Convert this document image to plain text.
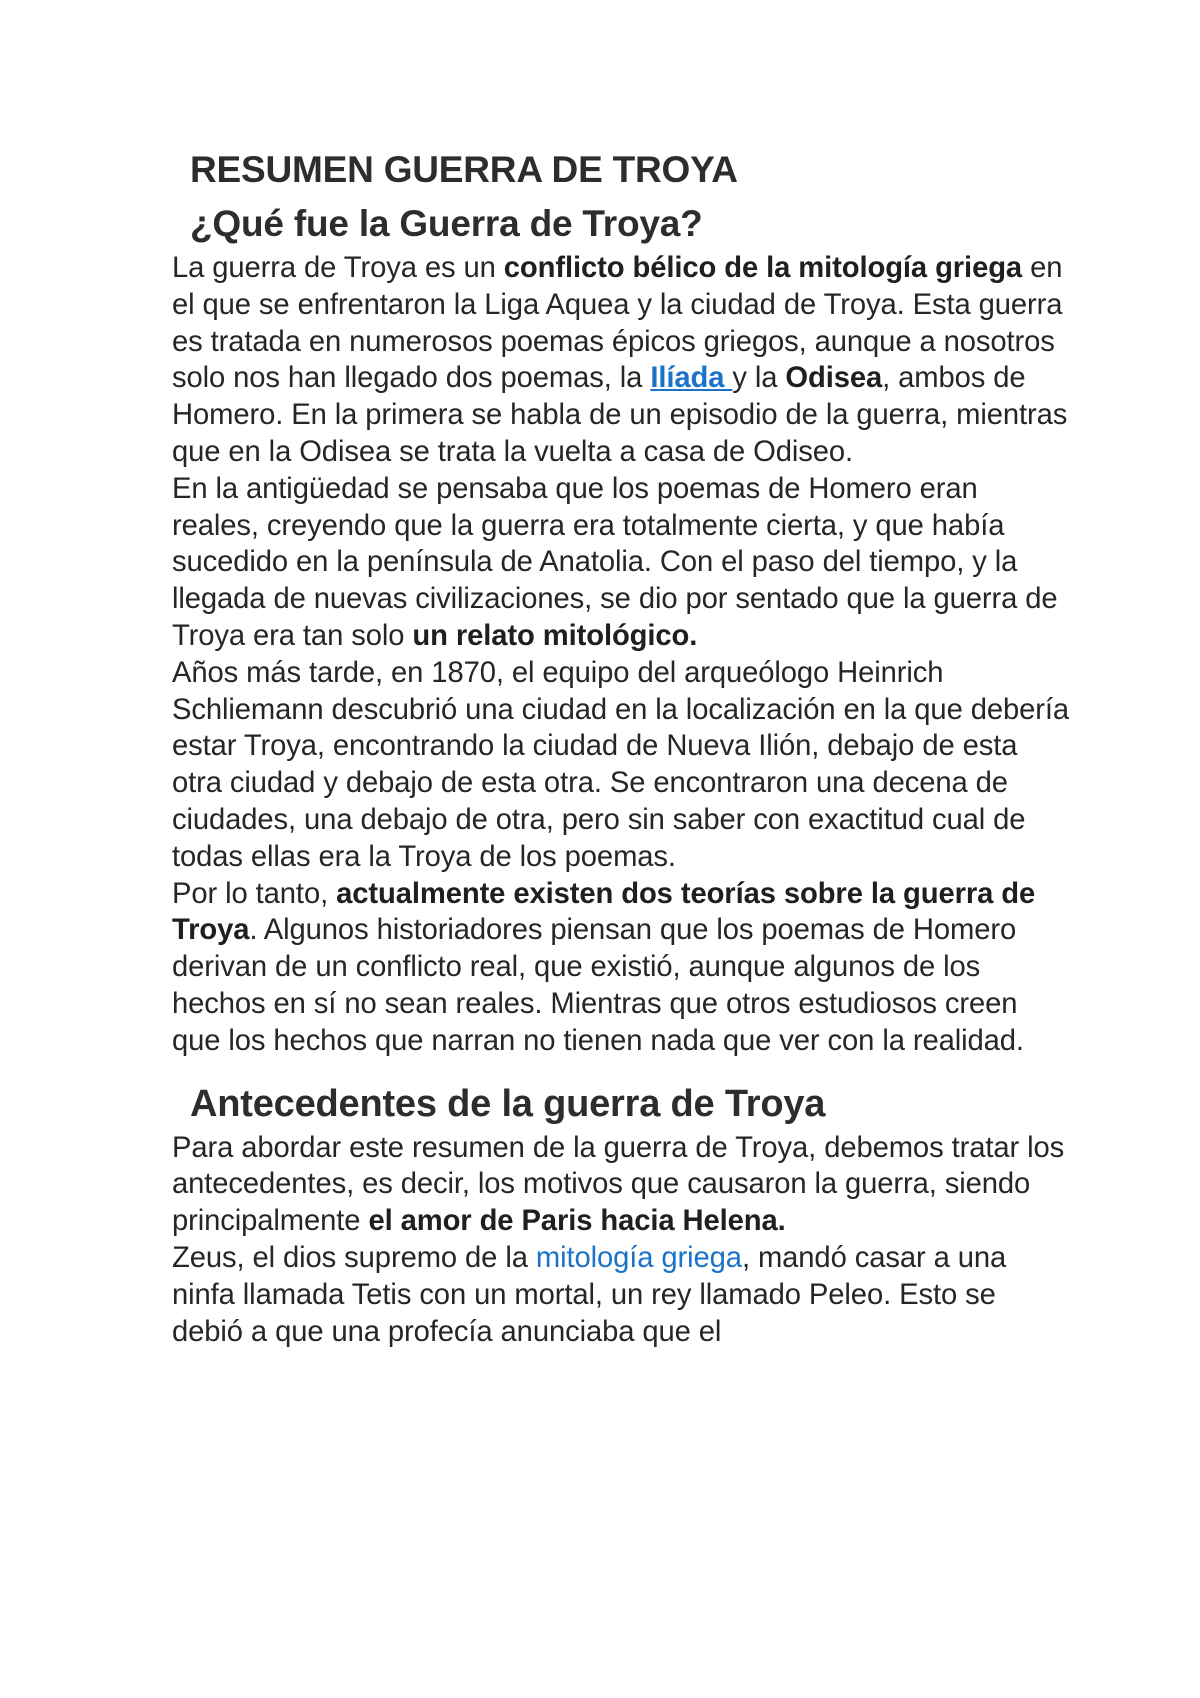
RESUMEN GUERRA DE TROYA
¿Qué fue la Guerra de Troya?

La guerra de Troya es un conflicto bélico de la mitología griega en el que se enfrentaron la Liga Aquea y la ciudad de Troya. Esta guerra es tratada en numerosos poemas épicos griegos, aunque a nosotros solo nos han llegado dos poemas, la Ilíada y la Odisea, ambos de Homero. En la primera se habla de un episodio de la guerra, mientras que en la Odisea se trata la vuelta a casa de Odiseo.

En la antigüedad se pensaba que los poemas de Homero eran reales, creyendo que la guerra era totalmente cierta, y que había sucedido en la península de Anatolia. Con el paso del tiempo, y la llegada de nuevas civilizaciones, se dio por sentado que la guerra de Troya era tan solo un relato mitológico.

Años más tarde, en 1870, el equipo del arqueólogo Heinrich Schliemann descubrió una ciudad en la localización en la que debería estar Troya, encontrando la ciudad de Nueva Ilión, debajo de esta otra ciudad y debajo de esta otra. Se encontraron una decena de ciudades, una debajo de otra, pero sin saber con exactitud cual de todas ellas era la Troya de los poemas.

Por lo tanto, actualmente existen dos teorías sobre la guerra de Troya. Algunos historiadores piensan que los poemas de Homero derivan de un conflicto real, que existió, aunque algunos de los hechos en sí no sean reales. Mientras que otros estudiosos creen que los hechos que narran no tienen nada que ver con la realidad.

Antecedentes de la guerra de Troya

Para abordar este resumen de la guerra de Troya, debemos tratar los antecedentes, es decir, los motivos que causaron la guerra, siendo principalmente el amor de Paris hacia Helena.

Zeus, el dios supremo de la mitología griega, mandó casar a una ninfa llamada Tetis con un mortal, un rey llamado Peleo. Esto se debió a que una profecía anunciaba que el
